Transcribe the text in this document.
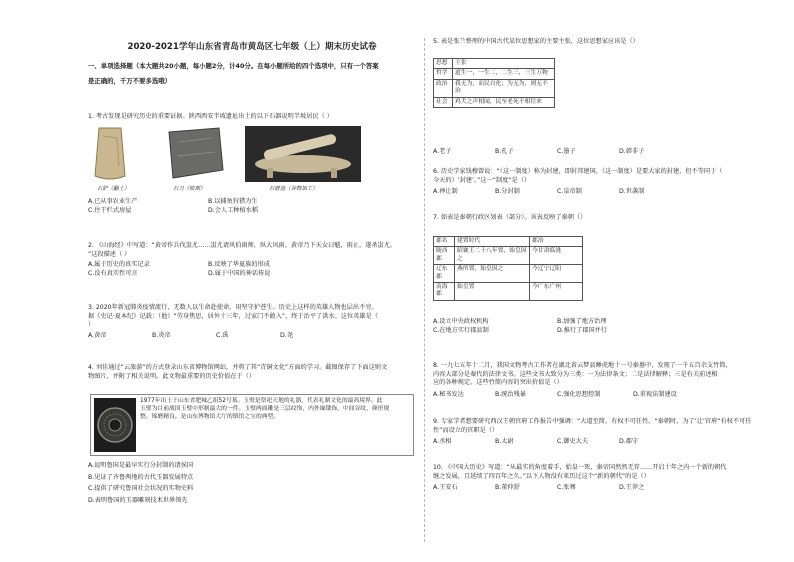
2020-2021学年山东省青岛市黄岛区七年级（上）期末历史试卷
一、单项选择题（本大题共20小题，每小题2分，计40分。在每小题所给的四个选项中，只有一个答案
是正确的，千万不要多选哦）
1. 考古发现是研究历史的重要证据。陕西西安半坡遗址出土的以下石器说明半坡居民（ ）
石铲（翻土）	石刀（收割）	石磨盘（谷物加工）
A.已从事农业生产	B.以捕鱼狩猎为生
C.住干栏式房屋	D.会人工种植水稻
2. 《山海经》中写道：“黄帝作兵伐蚩尤……蚩尤请风伯雨师，纵大风雨。黄帝乃下天女曰魃，雨止，遂杀蚩尤。
”这段描述（ ）
A.属于历史的真实记录	B.反映了华夏族的形成
C.没有真实性可言	D.属于中国的神话传说
3. 2020年新冠肺炎疫情流行，无数人以生命赴使命，用坚守护苍生。历史上这样的英雄人物也层出不穷。
据《史记·夏本纪》记载：（他）“劳身焦思，居外十三年，过家门不敢入”，终于治平了洪水。这位英雄是（
）
A.黄帝	B.炎帝	C.禹	D.尧
4. 刘佳通过“云旅游”的方式登录山东省博物馆网站，并将了其“青铜文化”方面的学习。截图保存了下面这则文
物图片，并附了相关说明。此文物最重要的历史价值在于（）
1977年出土于山东省肥城乙组52号墓。玉璧是祭祀天地的礼器，代表礼制文化的最高境界。此
玉璧为目前战国玉璧中形制最大的一件。玉璧两面雕是三层纹饰，内外缘镂饰，中间谷纹，颜形规
整。琢磨精良。是山东博物馆大厅的镇馆之宝的典型。
A.说明鲁国是最早实行分封制的诸侯国
B.见证了齐鲁两地的古代玉器发展特点
C.提供了研究鲁国社会状况的实物史料
D.表明鲁国的玉器雕刻技术世界领先
5. 表是张兰整理的中国古代某位思想家的主要主张，这位思想家应该是（）
思想	主张
哲学	道生一，一生二，二生三，三生万物
政治	我无为，而民自化；为无为，则无不治
社会	鸡犬之声相闻，民至老死不相往来
A.老子	B.孔子	C.墨子	D.韩非子
6. 历史学家钱穆曾说：“（这一制度）称为封建，即封邦建国。（这一制度）是要大家的封建，但不等同于（
今天的）‘封建’。”这一“制度”是（）
A.禅让制	B.分封制	C.皇帝制	D.世袭制
7. 如表是秦朝行政区划表（部分）。该表反映了秦朝（）
郡名	建置时代	郡治
陇西郡	昭襄王二十八年置，始皇因之	今甘肃临洮
辽东郡	燕所置，始皇因之	今辽宁辽阳
南海郡	始皇置	今广东广州
A.设立中央政权机构	B.加强了地方治理
C.在地方实行郡县制	D.推行了郡国并行
8. 一九七五年十二月，我国文物考古工作者在湖北省云梦县睡虎地十一号秦墓中，发现了一千五百余支竹简，
内容大部分是秦代的法律文书。这些文书大致分为三类：一为法律条文；二是法律解释；三是有关前述相
应的各种规定。这些竹简内容的突出价值是（）
A.秘书发达	B.统治残暴	C.强化思想控制	D.重视法制建设
9. 专家学者想要研究西汉王朝官府工作报告中强调：“大道至简，有权不可任性。“秦朝时，为了‘让’官府“有权不可任
性”而设立的官职是（）
A.丞相	B.太尉	C.御史大夫	D.郡守
10. 《中国大历史》写道：“从最实的角度着手，始皇一死，秦帝国然然无存……开启十年之内一个新的朝代
继之发展，且延续了四百年之久。”以下人物没有来历过这个“新的朝代”的是（）
A.王安石	B.董仲舒	C.张骞	D.王莽之
